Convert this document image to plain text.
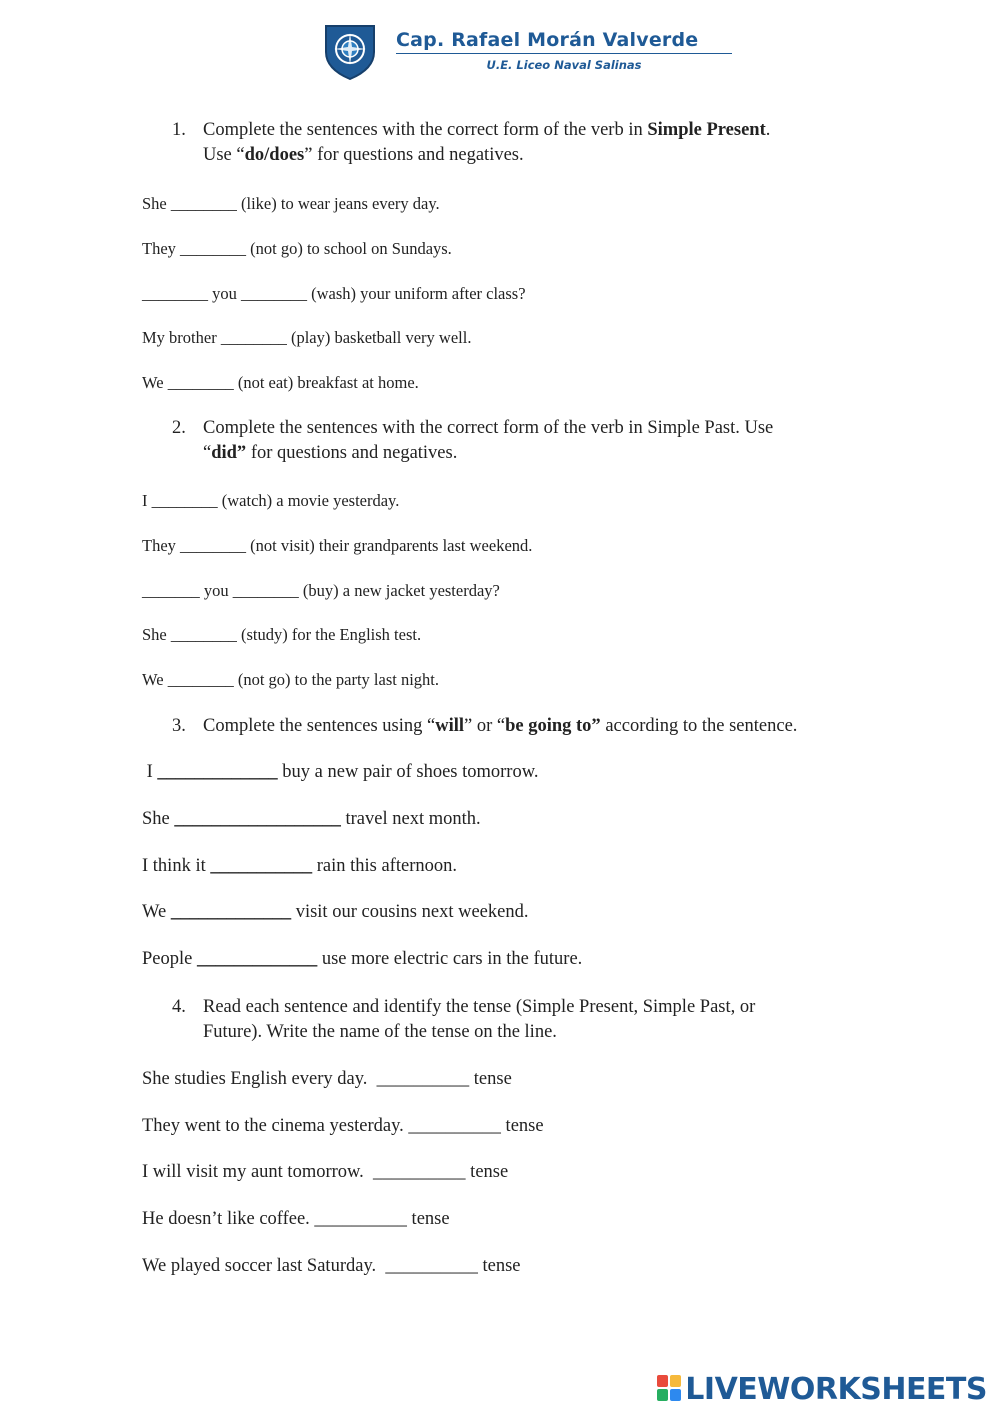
Cap. Rafael Morán Valverde
U.E. Liceo Naval Salinas
1. Complete the sentences with the correct form of the verb in Simple Present.
Use “do/does” for questions and negatives.
She ________ (like) to wear jeans every day.
They ________ (not go) to school on Sundays.
________ you ________ (wash) your uniform after class?
My brother ________ (play) basketball very well.
We ________ (not eat) breakfast at home.
2. Complete the sentences with the correct form of the verb in Simple Past. Use
“did” for questions and negatives.
I ________ (watch) a movie yesterday.
They ________ (not visit) their grandparents last weekend.
_______ you ________ (buy) a new jacket yesterday?
She ________ (study) for the English test.
We ________ (not go) to the party last night.
3. Complete the sentences using “will” or “be going to” according to the sentence.
I _____________ buy a new pair of shoes tomorrow.
She __________________ travel next month.
I think it ___________ rain this afternoon.
We _____________ visit our cousins next weekend.
People _____________ use more electric cars in the future.
4. Read each sentence and identify the tense (Simple Present, Simple Past, or
Future). Write the name of the tense on the line.
She studies English every day.  __________ tense
They went to the cinema yesterday. __________ tense
I will visit my aunt tomorrow.  __________ tense
He doesn’t like coffee. __________ tense
We played soccer last Saturday.  __________ tense
LIVEWORKSHEETS
